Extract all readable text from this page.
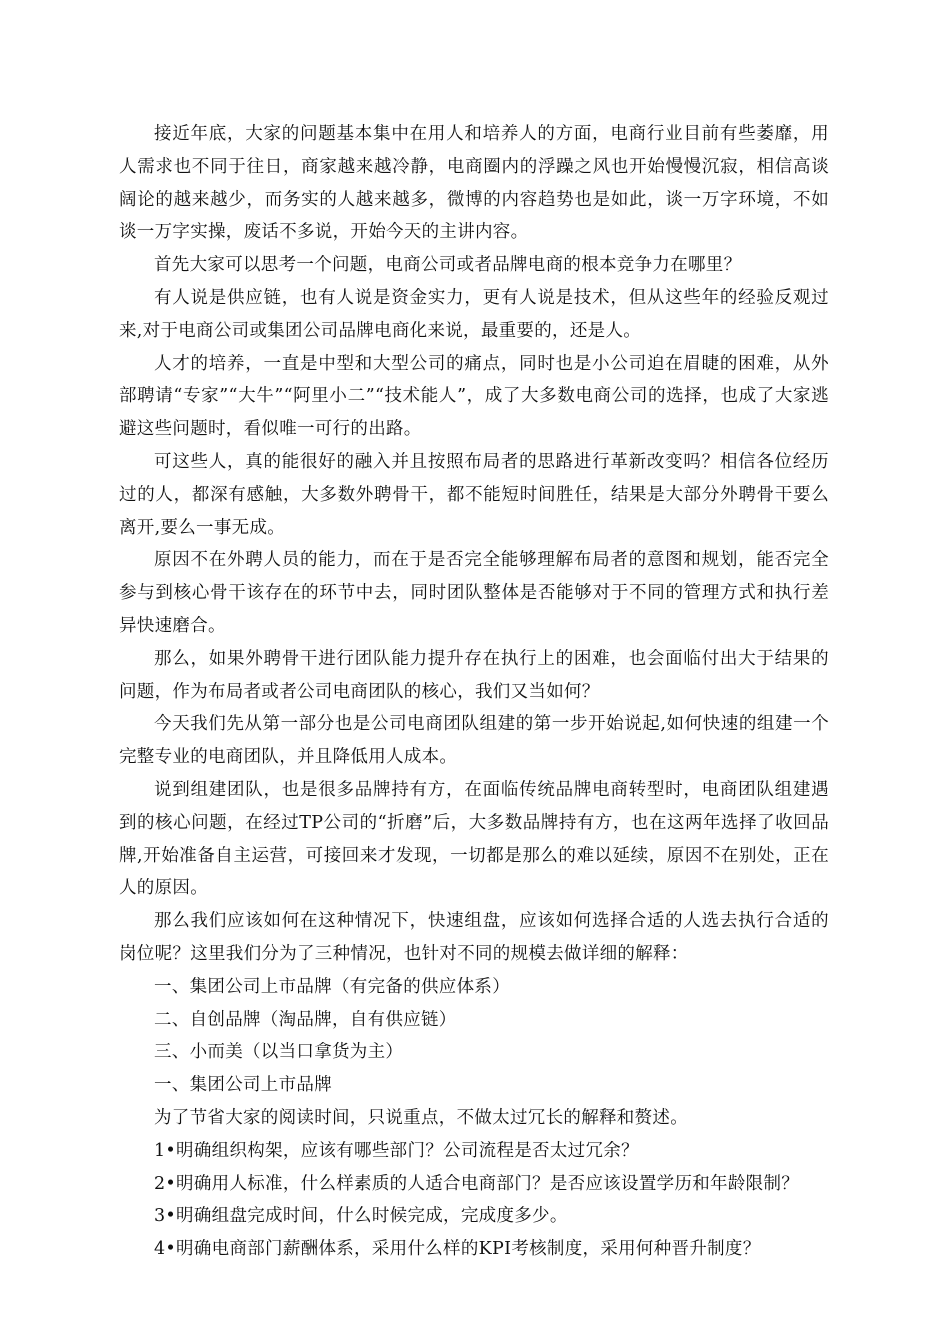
接近年底，大家的问题基本集中在用人和培养人的方面，电商行业目前有些萎靡，用人需求也不同于往日，商家越来越冷静，电商圈内的浮躁之风也开始慢慢沉寂，相信高谈阔论的越来越少，而务实的人越来越多，微博的内容趋势也是如此，谈一万字环境，不如谈一万字实操，废话不多说，开始今天的主讲内容。

首先大家可以思考一个问题，电商公司或者品牌电商的根本竞争力在哪里？

有人说是供应链，也有人说是资金实力，更有人说是技术，但从这些年的经验反观过来,对于电商公司或集团公司品牌电商化来说，最重要的，还是人。

人才的培养，一直是中型和大型公司的痛点，同时也是小公司迫在眉睫的困难，从外部聘请“专家”“大牛”“阿里小二”“技术能人”，成了大多数电商公司的选择，也成了大家逃避这些问题时，看似唯一可行的出路。

可这些人，真的能很好的融入并且按照布局者的思路进行革新改变吗？相信各位经历过的人，都深有感触，大多数外聘骨干，都不能短时间胜任，结果是大部分外聘骨干要么离开,要么一事无成。

原因不在外聘人员的能力，而在于是否完全能够理解布局者的意图和规划，能否完全参与到核心骨干该存在的环节中去，同时团队整体是否能够对于不同的管理方式和执行差异快速磨合。

那么，如果外聘骨干进行团队能力提升存在执行上的困难，也会面临付出大于结果的问题，作为布局者或者公司电商团队的核心，我们又当如何？

今天我们先从第一部分也是公司电商团队组建的第一步开始说起,如何快速的组建一个完整专业的电商团队，并且降低用人成本。

说到组建团队，也是很多品牌持有方，在面临传统品牌电商转型时，电商团队组建遇到的核心问题，在经过TP公司的“折磨”后，大多数品牌持有方，也在这两年选择了收回品牌,开始准备自主运营，可接回来才发现，一切都是那么的难以延续，原因不在别处，正在人的原因。

那么我们应该如何在这种情况下，快速组盘，应该如何选择合适的人选去执行合适的岗位呢？这里我们分为了三种情况，也针对不同的规模去做详细的解释：

一、集团公司上市品牌（有完备的供应体系）

二、自创品牌（淘品牌，自有供应链）

三、小而美（以当口拿货为主）

一、集团公司上市品牌

为了节省大家的阅读时间，只说重点，不做太过冗长的解释和赘述。

1•明确组织构架，应该有哪些部门？公司流程是否太过冗余？

2•明确用人标准，什么样素质的人适合电商部门？是否应该设置学历和年龄限制？

3•明确组盘完成时间，什么时候完成，完成度多少。

4•明确电商部门薪酬体系，采用什么样的KPI考核制度，采用何种晋升制度？
